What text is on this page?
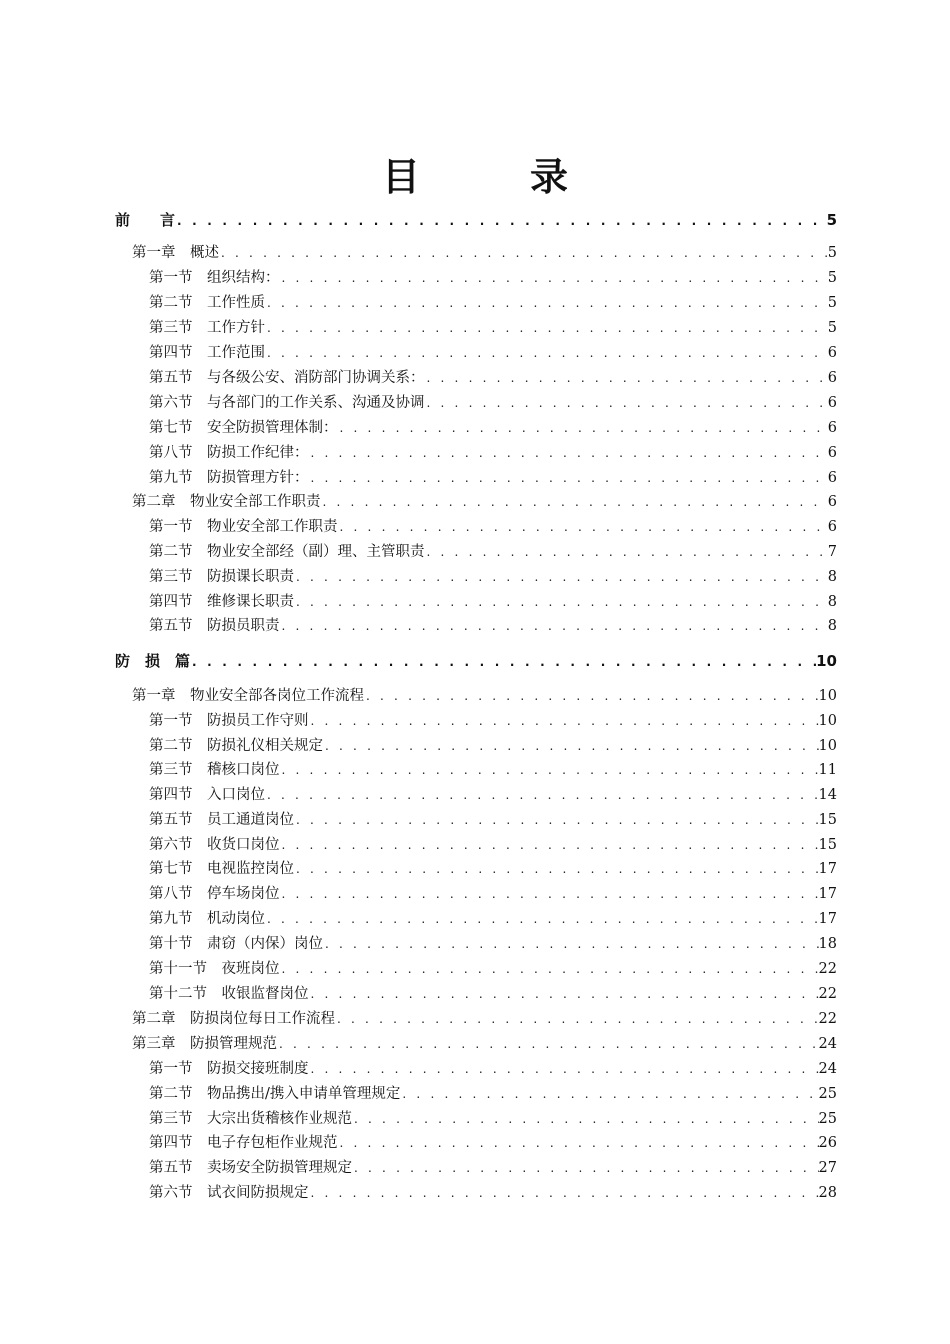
目　录
前　　言 . . .	5
第一章　概述 . . .	5
第一节　组织结构： . . .	5
第二节　工作性质 . . .	5
第三节　工作方针 . . .	5
第四节　工作范围 . . .	6
第五节　与各级公安、消防部门协调关系： . . .	6
第六节　与各部门的工作关系、沟通及协调 . . .	6
第七节　安全防损管理体制： . . .	6
第八节　防损工作纪律： . . .	6
第九节　防损管理方针： . . .	6
第二章　物业安全部工作职责 . . .	6
第一节　物业安全部工作职责 . . .	6
第二节　物业安全部经（副）理、主管职责 . . .	7
第三节　防损课长职责 . . .	8
第四节　维修课长职责 . . .	8
第五节　防损员职责 . . .	8
防　损　篇 . . .	10
第一章　物业安全部各岗位工作流程 . . .	10
第一节　防损员工作守则 . . .	10
第二节　防损礼仪相关规定 . . .	10
第三节　稽核口岗位 . . .	11
第四节　入口岗位 . . .	14
第五节　员工通道岗位 . . .	15
第六节　收货口岗位 . . .	15
第七节　电视监控岗位 . . .	17
第八节　停车场岗位 . . .	17
第九节　机动岗位 . . .	17
第十节　肃窃（内保）岗位 . . .	18
第十一节　夜班岗位 . . .	22
第十二节　收银监督岗位 . . .	22
第二章　防损岗位每日工作流程 . . .	22
第三章　防损管理规范 . . .	24
第一节　防损交接班制度 . . .	24
第二节　物品携出/携入申请单管理规定 . . .	25
第三节　大宗出货稽核作业规范 . . .	25
第四节　电子存包柜作业规范 . . .	26
第五节　卖场安全防损管理规定 . . .	27
第六节　试衣间防损规定 . . .	28
